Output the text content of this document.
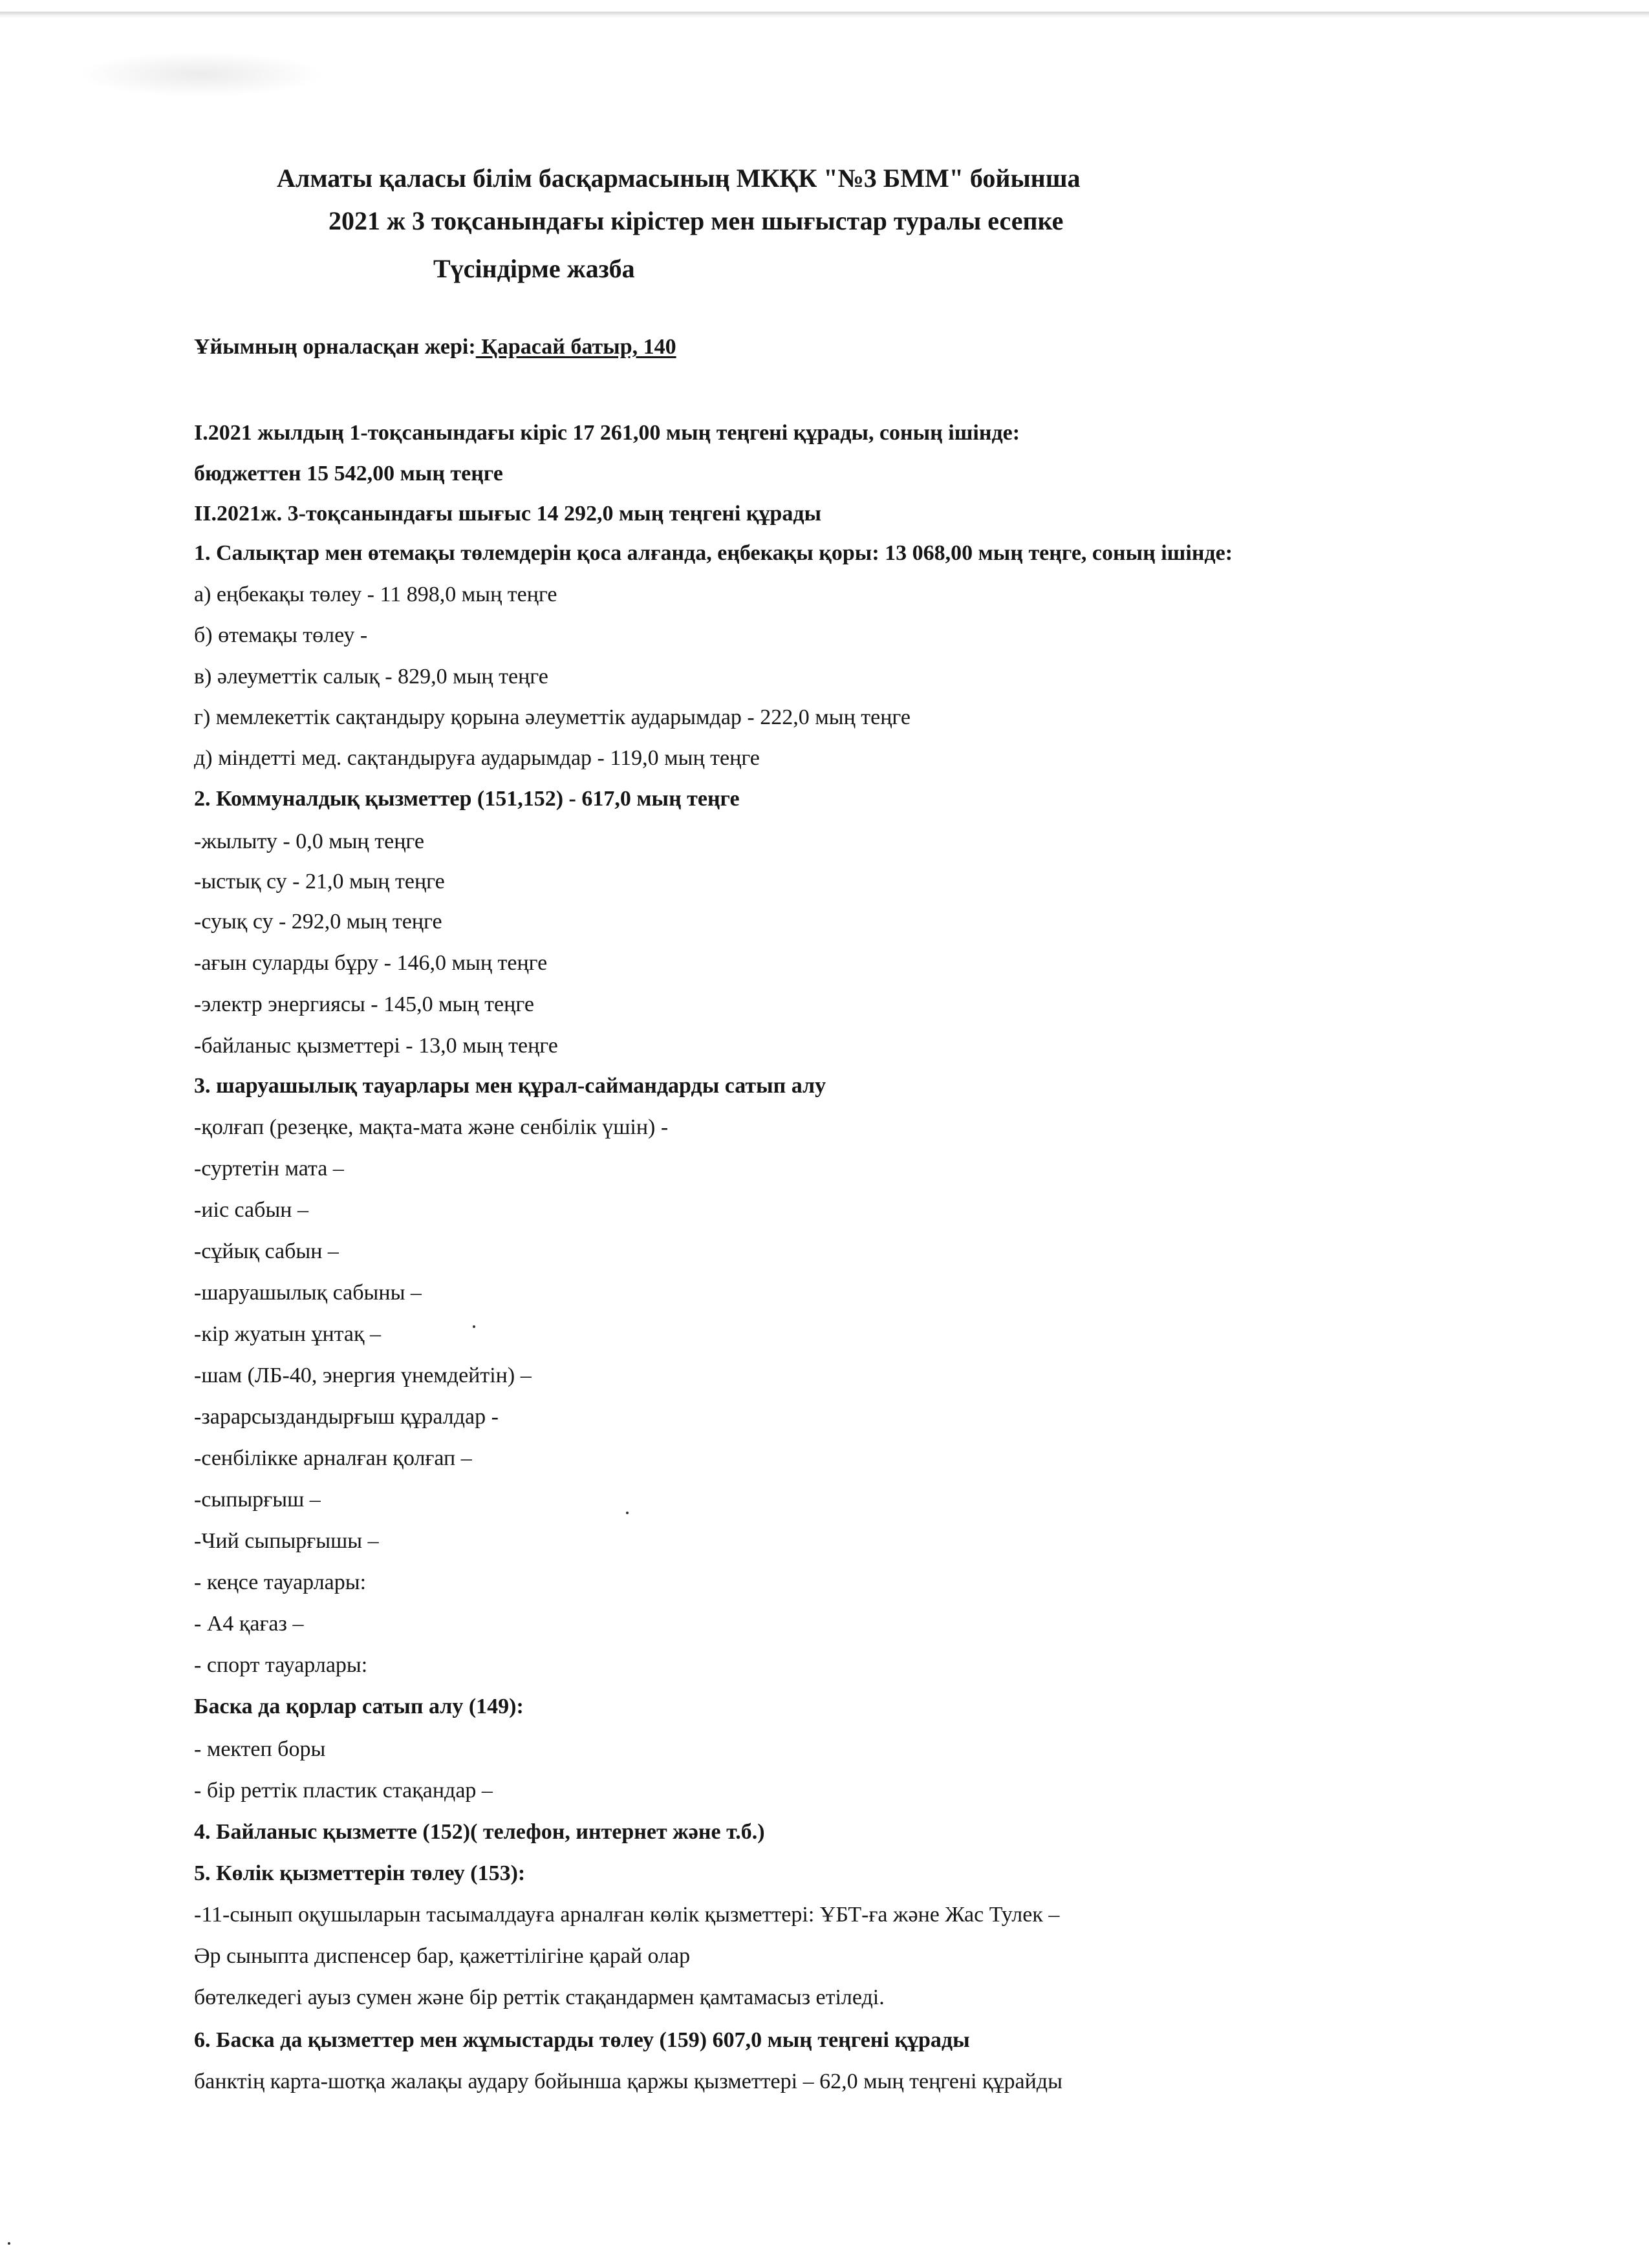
Алматы қаласы білім басқармасының МКҚК "№3 БММ" бойынша
2021 ж 3 тоқсанындағы кірістер мен шығыстар туралы есепке
Түсіндірме жазба
Ұйымның орналасқан жері: Қарасай батыр, 140

I.2021 жылдың 1-тоқсанындағы кіріс 17 261,00 мың теңгені құрады, соның ішінде:

бюджеттен 15 542,00 мың теңге

II.2021ж. 3-тоқсанындағы шығыс 14 292,0 мың теңгені құрады

1. Салықтар мен өтемақы төлемдерін қоса алғанда, еңбекақы қоры: 13 068,00 мың теңге, соның ішінде:

а) еңбекақы төлеу - 11 898,0 мың теңге

б) өтемақы төлеу -

в) әлеуметтік салық - 829,0 мың теңге

г) мемлекеттік сақтандыру қорына әлеуметтік аударымдар - 222,0 мың теңге

д) міндетті мед. сақтандыруға аударымдар - 119,0 мың теңге

2. Коммуналдық қызметтер (151,152) - 617,0 мың теңге

-жылыту - 0,0 мың теңге

-ыстық су - 21,0 мың теңге

-суық су - 292,0 мың теңге

-ағын суларды бұру - 146,0 мың теңге

-электр энергиясы - 145,0 мың теңге

-байланыс қызметтері - 13,0 мың теңге

3. шаруашылық тауарлары мен құрал-саймандарды сатып алу

-қолғап (резеңке, мақта-мата және сенбілік үшін) -

-суртетін мата –

-иіс сабын –

-сұйық сабын –

-шаруашылық сабыны –

-кір жуатын ұнтақ –

-шам (ЛБ-40, энергия үнемдейтін) –

-зарарсыздандырғыш құралдар -

-сенбілікке арналған қолғап –

-сыпырғыш –

-Чий сыпырғышы –

- кеңсе тауарлары:

- А4 қағаз –

- спорт тауарлары:

Баска да қорлар сатып алу (149):

- мектеп боры

- бір реттік пластик стақандар –

4. Байланыс қызметте (152)( телефон, интернет және т.б.)

5. Көлік қызметтерін төлеу (153):

-11-сынып оқушыларын тасымалдауға арналған көлік қызметтері: ҰБТ-ға және Жас Тулек –

Әр сыныпта диспенсер бар, қажеттілігіне қарай олар

бөтелкедегі ауыз сумен және бір реттік стақандармен қамтамасыз етіледі.

6. Баска да қызметтер мен жұмыстарды төлеу (159) 607,0 мың теңгені құрады

банктің карта-шотқа жалақы аудару бойынша қаржы қызметтері – 62,0 мың теңгені құрайды
